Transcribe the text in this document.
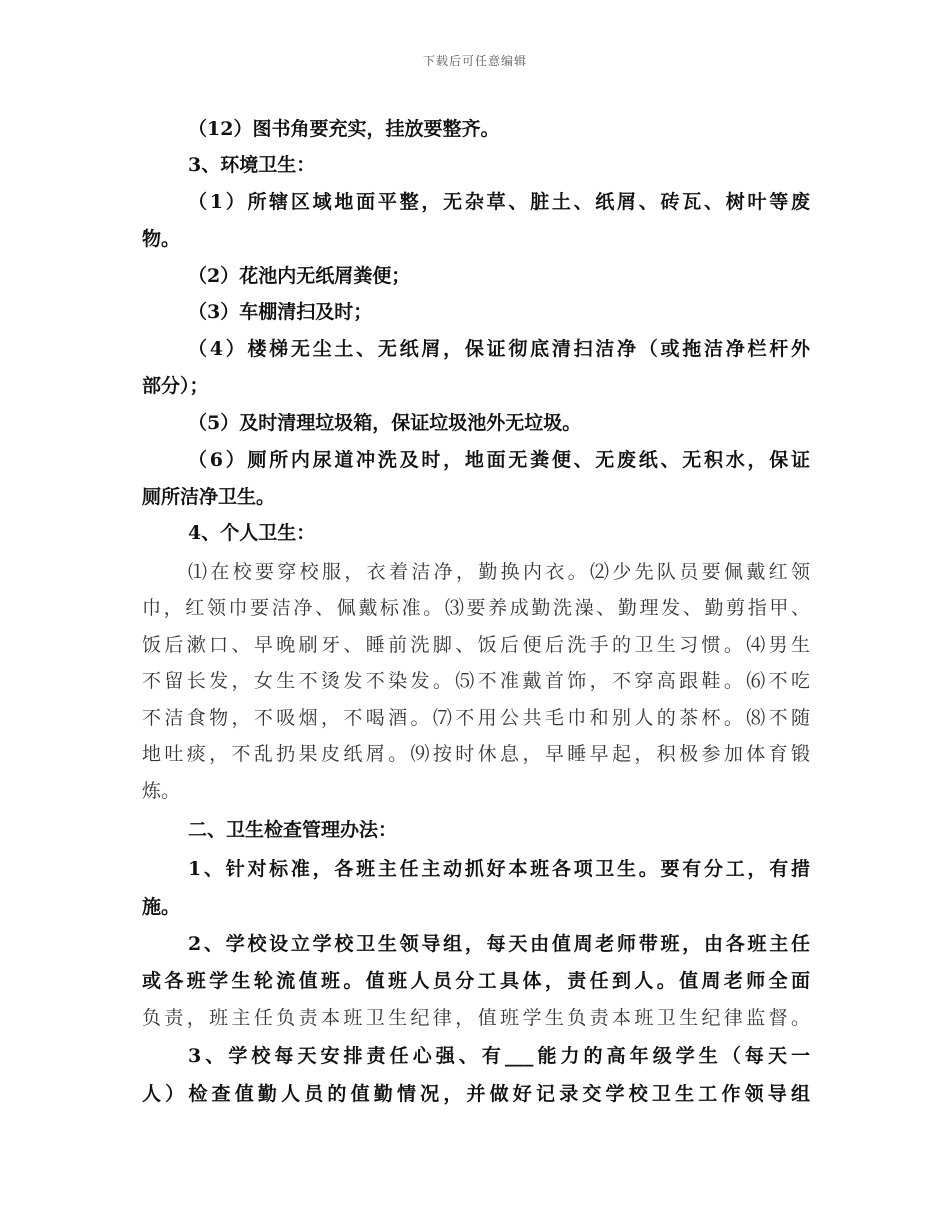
下载后可任意编辑
（12）图书角要充实，挂放要整齐。
3、环境卫生：
（1）所辖区域地面平整，无杂草、脏土、纸屑、砖瓦、树叶等废
物。
（2）花池内无纸屑粪便；
（3）车棚清扫及时；
（4）楼梯无尘土、无纸屑，保证彻底清扫洁净（或拖洁净栏杆外
部分）；
（5）及时清理垃圾箱，保证垃圾池外无垃圾。
（6）厕所内尿道冲洗及时，地面无粪便、无废纸、无积水，保证
厕所洁净卫生。
4、个人卫生：
⑴在校要穿校服，衣着洁净，勤换内衣。⑵少先队员要佩戴红领
巾，红领巾要洁净、佩戴标准。⑶要养成勤洗澡、勤理发、勤剪指甲、
饭后漱口、早晚刷牙、睡前洗脚、饭后便后洗手的卫生习惯。⑷男生
不留长发，女生不烫发不染发。⑸不准戴首饰，不穿高跟鞋。⑹不吃
不洁食物，不吸烟，不喝酒。⑺不用公共毛巾和别人的茶杯。⑻不随
地吐痰，不乱扔果皮纸屑。⑼按时休息，早睡早起，积极参加体育锻
炼。
二、卫生检查管理办法：
1、针对标准，各班主任主动抓好本班各项卫生。要有分工，有措
施。
2、学校设立学校卫生领导组，每天由值周老师带班，由各班主任
或各班学生轮流值班。值班人员分工具体，责任到人。值周老师全面
负责，班主任负责本班卫生纪律，值班学生负责本班卫生纪律监督。
3、学校每天安排责任心强、有___能力的高年级学生（每天一
人）检查值勤人员的值勤情况，并做好记录交学校卫生工作领导组
